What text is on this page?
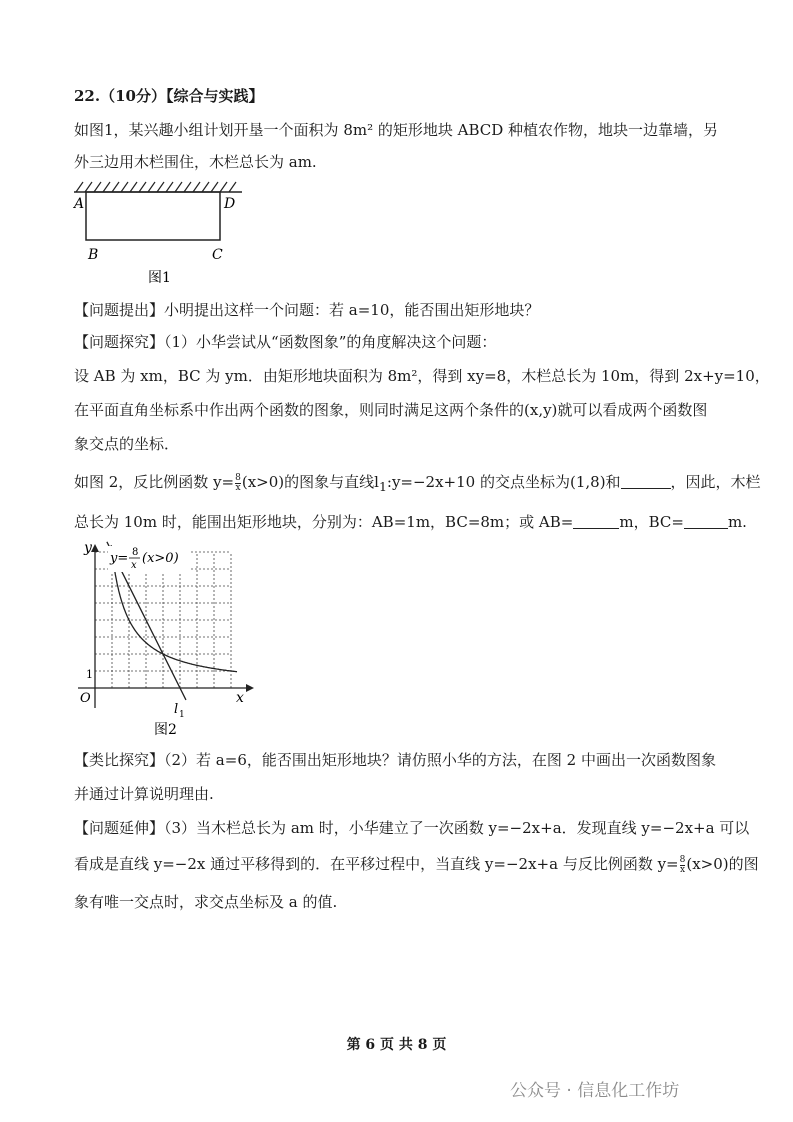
22.（10分）【综合与实践】
如图1，某兴趣小组计划开垦一个面积为 8m² 的矩形地块 ABCD 种植农作物，地块一边靠墙，另
外三边用木栏围住，木栏总长为 am.
A	D
B	C
图1
【问题提出】小明提出这样一个问题：若 a=10，能否围出矩形地块？
【问题探究】（1）小华尝试从“函数图象”的角度解决这个问题：
设 AB 为 xm，BC 为 ym．由矩形地块面积为 8m²，得到 xy=8，木栏总长为 10m，得到 2x+y=10，
在平面直角坐标系中作出两个函数的图象，则同时满足这两个条件的(x,y)就可以看成两个函数图
象交点的坐标．
如图 2，反比例函数 $y= \frac{8}{x} (x>0)$的图象与直线$l_1:y=-2x+10$ 的交点坐标为(1,8)和	，因此，木栏
总长为 10m 时，能围出矩形地块，分别为：AB=1m，BC=8m；或 AB=	m，BC=	m.
y= 8
x (x>0)
y
x
O
1
l 1
图2
【类比探究】（2）若 a=6，能否围出矩形地块？请仿照小华的方法，在图 2 中画出一次函数图象
并通过计算说明理由.
【问题延伸】（3）当木栏总长为 am 时，小华建立了一次函数 y=−2x+a．发现直线 y=−2x+a 可以
看成是直线 y=−2x 通过平移得到的．在平移过程中，当直线 y=−2x+a 与反比例函数 $y= \frac{8}{x} (x>0)$的图
象有唯一交点时，求交点坐标及 a 的值.
第 6 页 共 8 页
公众号 · 信息化工作坊
